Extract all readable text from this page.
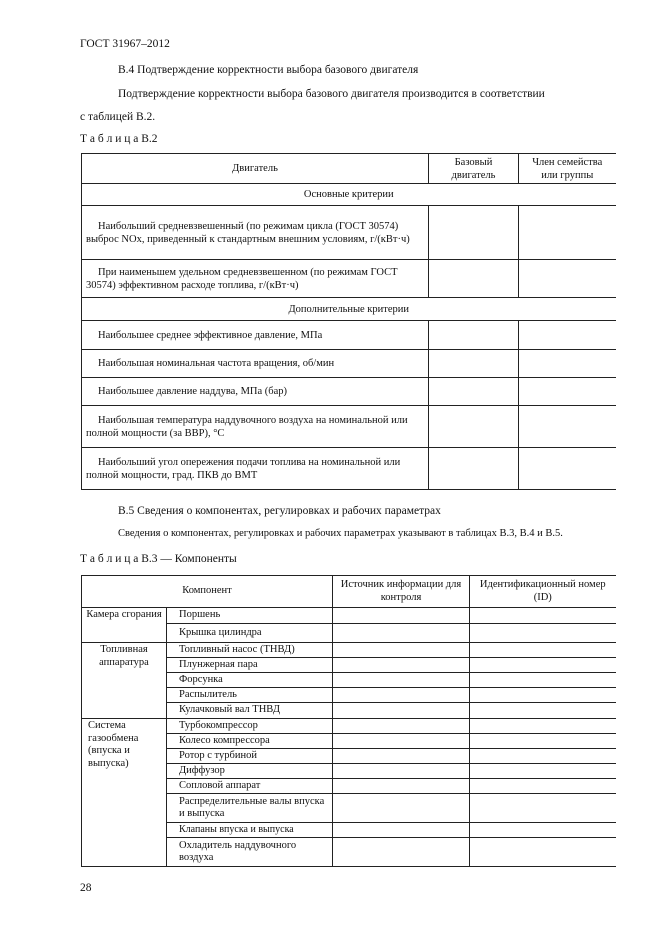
ГОСТ 31967–2012
В.4 Подтверждение корректности выбора базового двигателя
Подтверждение корректности выбора базового двигателя производится в соответствии
с таблицей В.2.
Т а б л и ц а В.2
Двигатель	Базовый двигатель	Член семейства или группы
Основные критерии		
Наибольший средневзвешенный (по режимам цикла (ГОСТ 30574) выброс NOx, приведенный к стандартным внешним условиям, г/(кВт·ч)		
При наименьшем удельном средневзвешенном (по режимам ГОСТ 30574) эффективном расходе топлива, г/(кВт·ч)		
Дополнительные критерии		
Наибольшее среднее эффективное давление, МПа		
Наибольшая номинальная частота вращения, об/мин		
Наибольшее давление наддува, МПа (бар)		
Наибольшая температура наддувочного воздуха на номинальной или полной мощности (за ВВР), °С		
Наибольший угол опережения подачи топлива на номинальной или полной мощности, град. ПКВ до ВМТ		
В.5 Сведения о компонентах, регулировках и рабочих параметрах
Сведения о компонентах, регулировках и рабочих параметрах указывают в таблицах В.3, В.4 и В.5.
Т а б л и ц а В.3 — Компоненты
Компонент		Источник информации для контроля	Идентификационный номер (ID)
Камера сгорания	Поршень		
	Крышка цилиндра		
Топливная аппаратура	Топливный насос (ТНВД)		
	Плунжерная пара		
	Форсунка		
	Распылитель		
	Кулачковый вал ТНВД		
Система газообмена (впуска и выпуска)	Турбокомпрессор		
	Колесо компрессора		
	Ротор с турбиной		
	Диффузор		
	Сопловой аппарат		
	Распределительные валы впуска и выпуска		
	Клапаны впуска и выпуска		
	Охладитель наддувочного воздуха		
28
